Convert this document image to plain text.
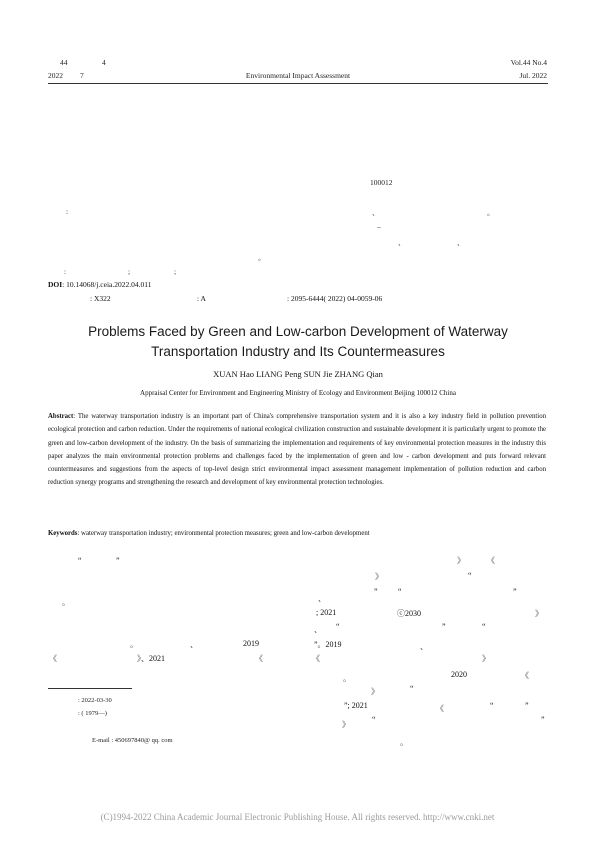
44	4
2022 7	Environmental Impact Assessment
Vol.44 No.4
Jul. 2022
100012
:	、	。
–
、	、
。
:	;	;
DOI: 10.14068/j.ceia.2022.04.011
: X322	: A	: 2095-6444( 2022) 04-0059-06
Problems Faced by Green and Low-carbon Development of Waterway
Transportation Industry and Its Countermeasures
XUAN Hao LIANG Peng SUN Jie ZHANG Qian
Appraisal Center for Environment and Engineering Ministry of Ecology and Environment Beijing 100012 China
Abstract: The waterway transportation industry is an important part of China's comprehensive transportation system and it is also a key industry field in pollution prevention ecological protection and carbon reduction. Under the requirements of national ecological civilization construction and sustainable development it is particularly urgent to promote the green and low-carbon development of the industry. On the basis of summarizing the implementation and requirements of key environmental protection measures in the industry this paper analyzes the main environmental protection problems and challenges faced by the implementation of green and low - carbon development and puts forward relevant countermeasures and suggestions from the aspects of top-level design strict environmental impact assessment management implementation of pollution reduction and carbon reduction synergy programs and strengthening the research and development of key environmental protection technologies.
Keywords: waterway transportation industry; environmental protection measures; green and low-carbon development
“	”
。
。	、	2019
《	》、2021	《
》	《
》	“
、
”	“	”
; 2021	ⓒ2030	》
、 “	”	“
”。2019	、
《	》
。	2020	《
》	“
”; 2021	《	“	”
》
“	”
。
: 2022-03-30
: ( 1979—)
E-mail : 450697840@ qq. com
(C)1994-2022 China Academic Journal Electronic Publishing House. All rights reserved. http://www.cnki.net
